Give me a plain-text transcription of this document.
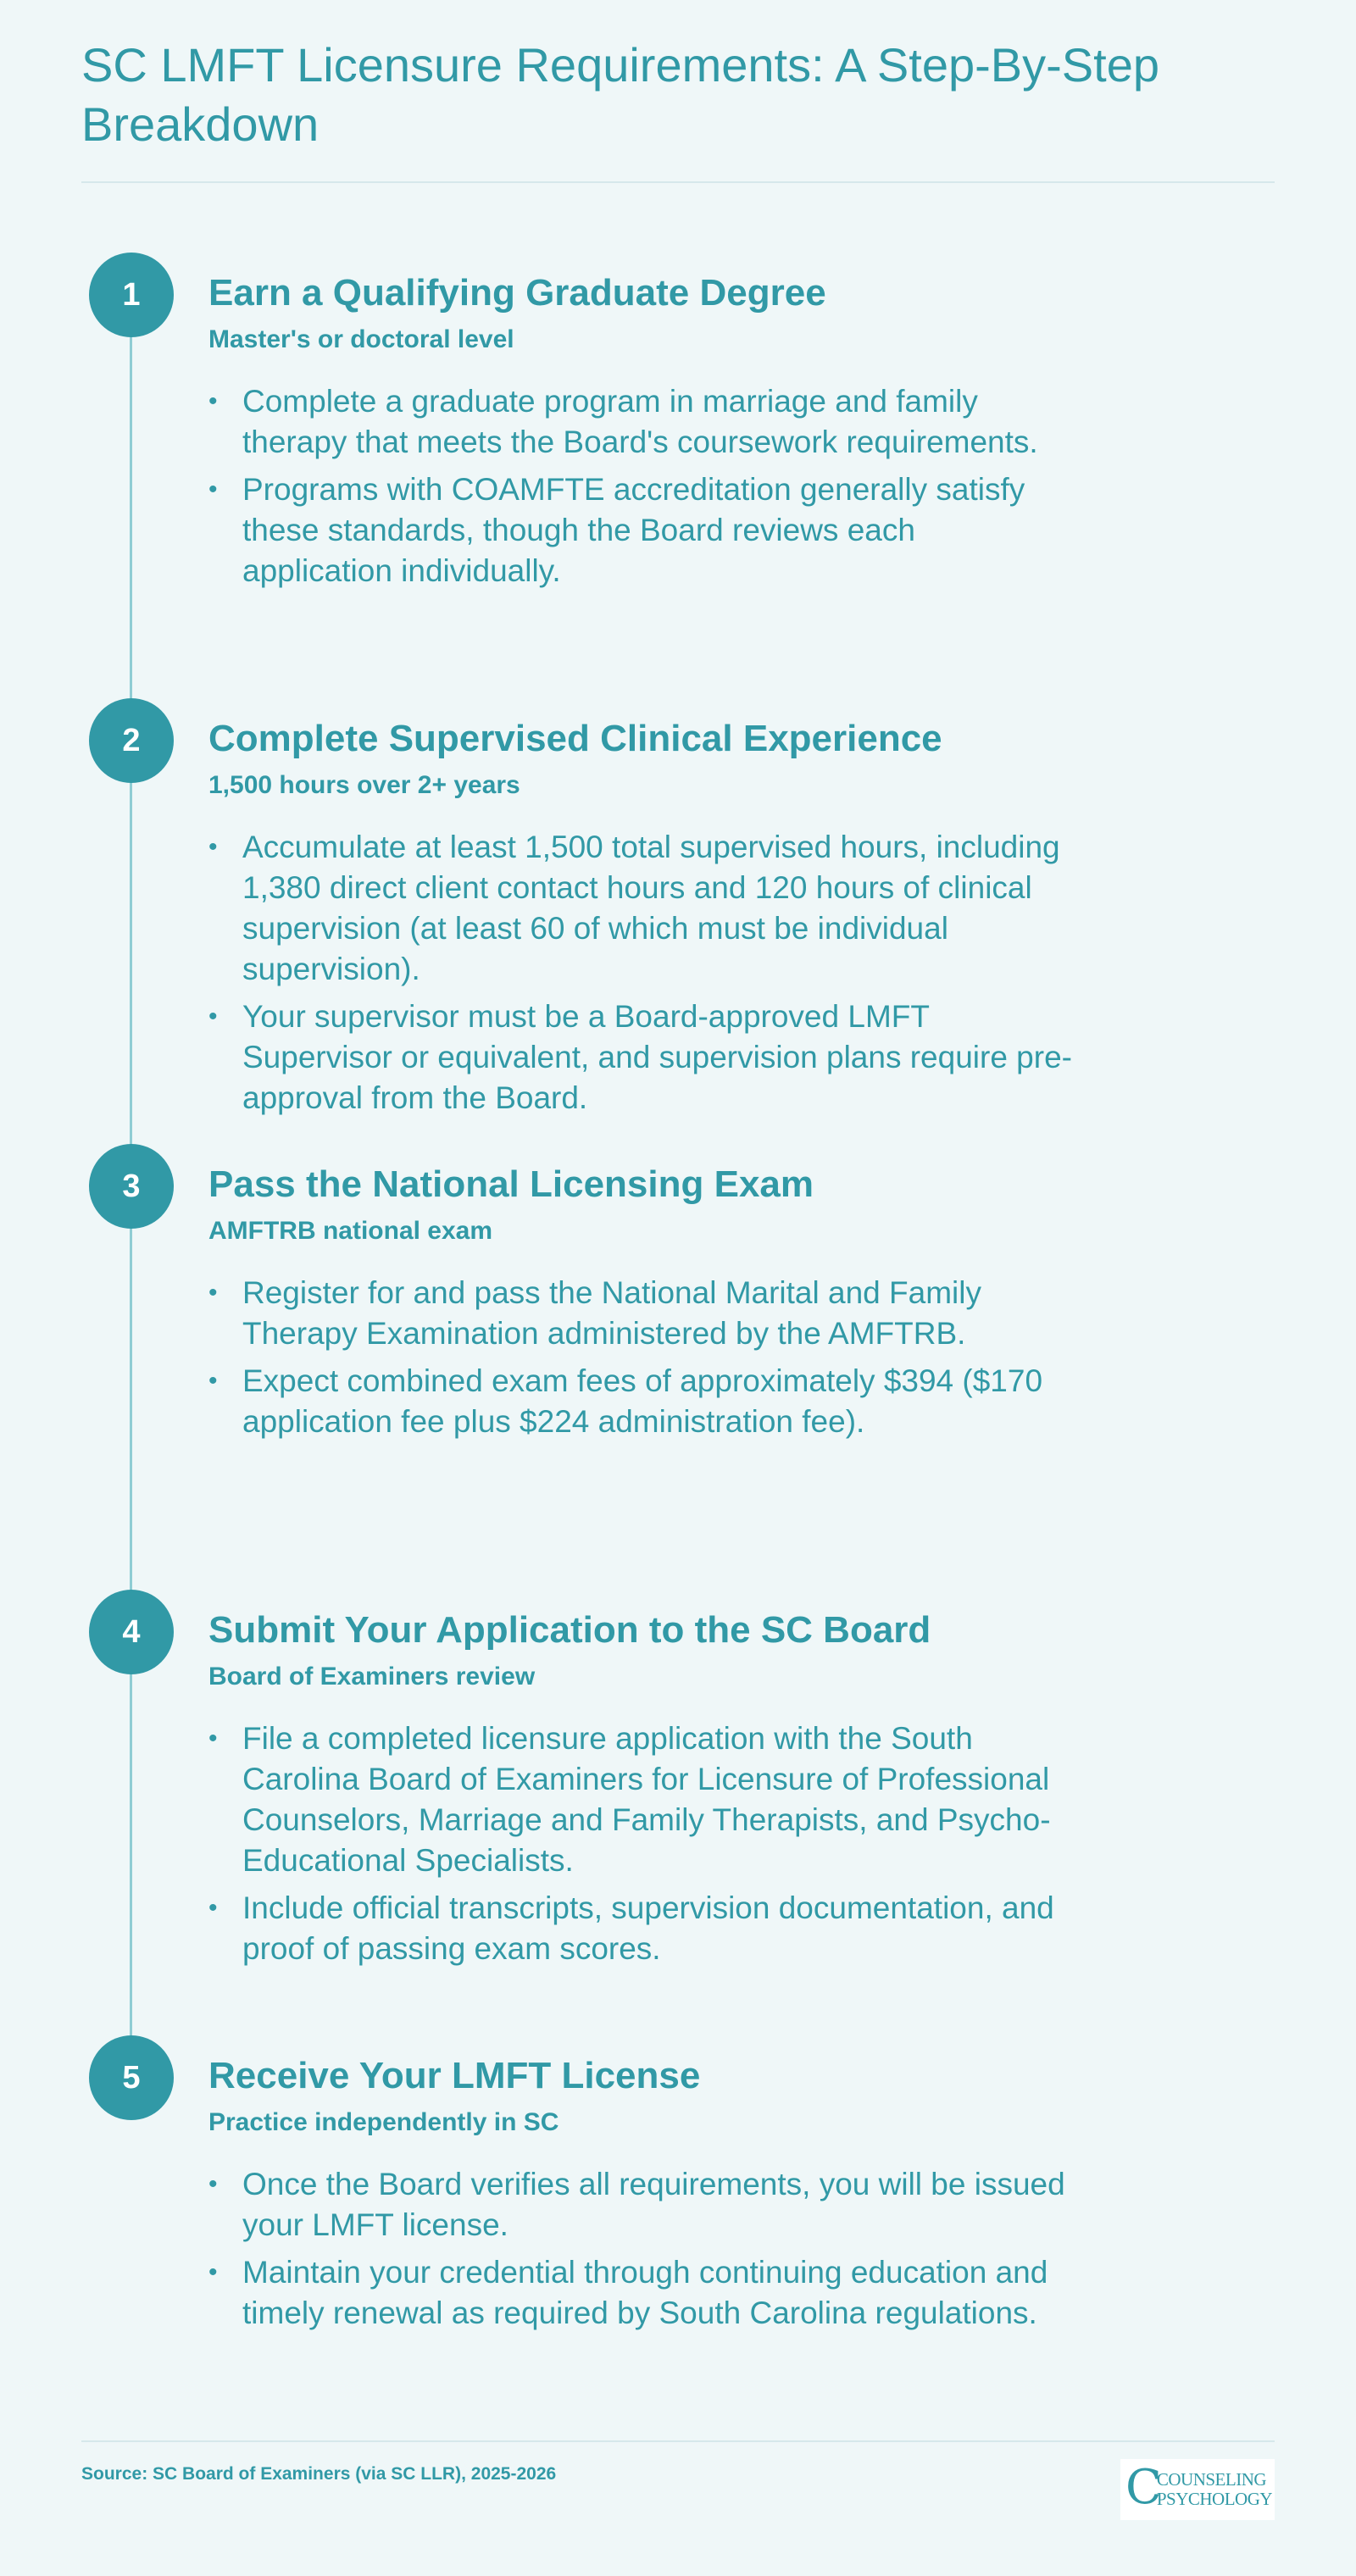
SC LMFT Licensure Requirements: A Step-By-Step Breakdown
1	Earn a Qualifying Graduate Degree
Master's or doctoral level
• Complete a graduate program in marriage and family therapy that meets the Board's coursework requirements.
• Programs with COAMFTE accreditation generally satisfy these standards, though the Board reviews each application individually.
2	Complete Supervised Clinical Experience
1,500 hours over 2+ years
• Accumulate at least 1,500 total supervised hours, including 1,380 direct client contact hours and 120 hours of clinical supervision (at least 60 of which must be individual supervision).
• Your supervisor must be a Board-approved LMFT Supervisor or equivalent, and supervision plans require pre-approval from the Board.
3	Pass the National Licensing Exam
AMFTRB national exam
• Register for and pass the National Marital and Family Therapy Examination administered by the AMFTRB.
• Expect combined exam fees of approximately $394 ($170 application fee plus $224 administration fee).
4	Submit Your Application to the SC Board
Board of Examiners review
• File a completed licensure application with the South Carolina Board of Examiners for Licensure of Professional Counselors, Marriage and Family Therapists, and Psycho-Educational Specialists.
• Include official transcripts, supervision documentation, and proof of passing exam scores.
5	Receive Your LMFT License
Practice independently in SC
• Once the Board verifies all requirements, you will be issued your LMFT license.
• Maintain your credential through continuing education and timely renewal as required by South Carolina regulations.
Source: SC Board of Examiners (via SC LLR), 2025-2026	C
COUNSELING
PSYCHOLOGY
